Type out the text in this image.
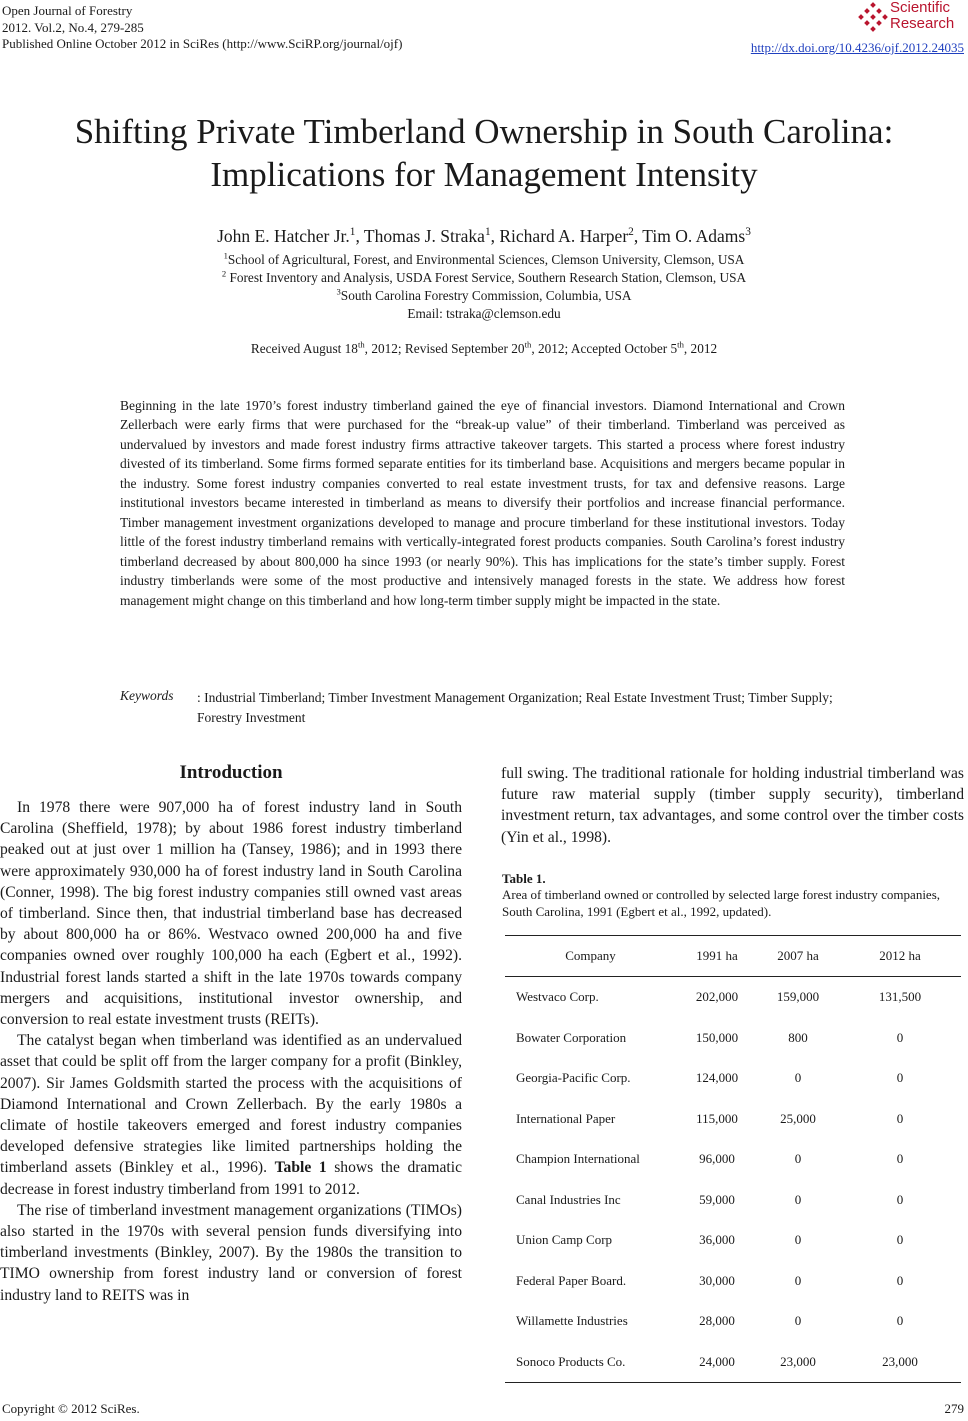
Open Journal of Forestry
2012. Vol.2, No.4, 279-285
Published Online October 2012 in SciRes (http://www.SciRP.org/journal/ojf)
Scientific
Research
http://dx.doi.org/10.4236/ojf.2012.24035
Shifting Private Timberland Ownership in South Carolina:
Implications for Management Intensity
John E. Hatcher Jr.$^1$, Thomas J. Straka$^1$, Richard A. Harper$^2$, Tim O. Adams$^3$
$^1$School of Agricultural, Forest, and Environmental Sciences, Clemson University, Clemson, USA
$^2$ Forest Inventory and Analysis, USDA Forest Service, Southern Research Station, Clemson, USA
$^3$South Carolina Forestry Commission, Columbia, USA
Email: tstraka@clemson.edu
Received August 18th, 2012; Revised September 20th, 2012; Accepted October 5th, 2012
Beginning in the late 1970’s forest industry timberland gained the eye of financial investors. Diamond International and Crown Zellerbach were early firms that were purchased for the “break-up value” of their timberland. Timberland was perceived as undervalued by investors and made forest industry firms attractive takeover targets. This started a process where forest industry divested of its timberland. Some firms formed separate entities for its timberland base. Acquisitions and mergers became popular in the industry. Some forest industry companies converted to real estate investment trusts, for tax and defensive reasons. Large institutional investors became interested in timberland as means to diversify their portfolios and increase financial performance. Timber management investment organizations developed to manage and procure timberland for these institutional investors. Today little of the forest industry timberland remains with vertically-integrated forest products companies. South Carolina’s forest industry timberland decreased by about 800,000 ha since 1993 (or nearly 90%). This has implications for the state’s timber supply. Forest industry timberlands were some of the most productive and intensively managed forests in the state. We address how forest management might change on this timberland and how long-term timber supply might be impacted in the state.
Keywords : Industrial Timberland; Timber Investment Management Organization; Real Estate Investment Trust; Timber Supply; Forestry Investment
Introduction

In 1978 there were 907,000 ha of forest industry land in South Carolina (Sheffield, 1978); by about 1986 forest industry timberland peaked out at just over 1 million ha (Tansey, 1986); and in 1993 there were approximately 930,000 ha of forest industry land in South Carolina (Conner, 1998). The big forest industry companies still owned vast areas of timberland. Since then, that industrial timberland base has decreased by about 800,000 ha or 86%. Westvaco owned 200,000 ha and five companies owned over roughly 100,000 ha each (Egbert et al., 1992). Industrial forest lands started a shift in the late 1970s towards company mergers and acquisitions, institutional investor ownership, and conversion to real estate investment trusts (REITs).

The catalyst began when timberland was identified as an undervalued asset that could be split off from the larger company for a profit (Binkley, 2007). Sir James Goldsmith started the process with the acquisitions of Diamond International and Crown Zellerbach. By the early 1980s a climate of hostile takeovers emerged and forest industry companies developed defensive strategies like limited partnerships holding the timberland assets (Binkley et al., 1996). Table 1 shows the dramatic decrease in forest industry timberland from 1991 to 2012.

The rise of timberland investment management organizations (TIMOs) also started in the 1970s with several pension funds diversifying into timberland investments (Binkley, 2007). By the 1980s the transition to TIMO ownership from forest industry land or conversion of forest industry land to REITS was in

full swing. The traditional rationale for holding industrial timberland was future raw material supply (timber supply security), timberland investment return, tax advantages, and some control over the timber costs (Yin et al., 1998).

Table 1.
Area of timberland owned or controlled by selected large forest industry companies, South Carolina, 1991 (Egbert et al., 1992, updated).
Company	1991 ha	2007 ha	2012 ha
Westvaco Corp.	202,000	159,000	131,500
Bowater Corporation	150,000	800	0
Georgia-Pacific Corp.	124,000	0	0
International Paper	115,000	25,000	0
Champion International	96,000	0	0
Canal Industries Inc	59,000	0	0
Union Camp Corp	36,000	0	0
Federal Paper Board.	30,000	0	0
Willamette Industries	28,000	0	0
Sonoco Products Co.	24,000	23,000	23,000
Copyright © 2012 SciRes.	279
